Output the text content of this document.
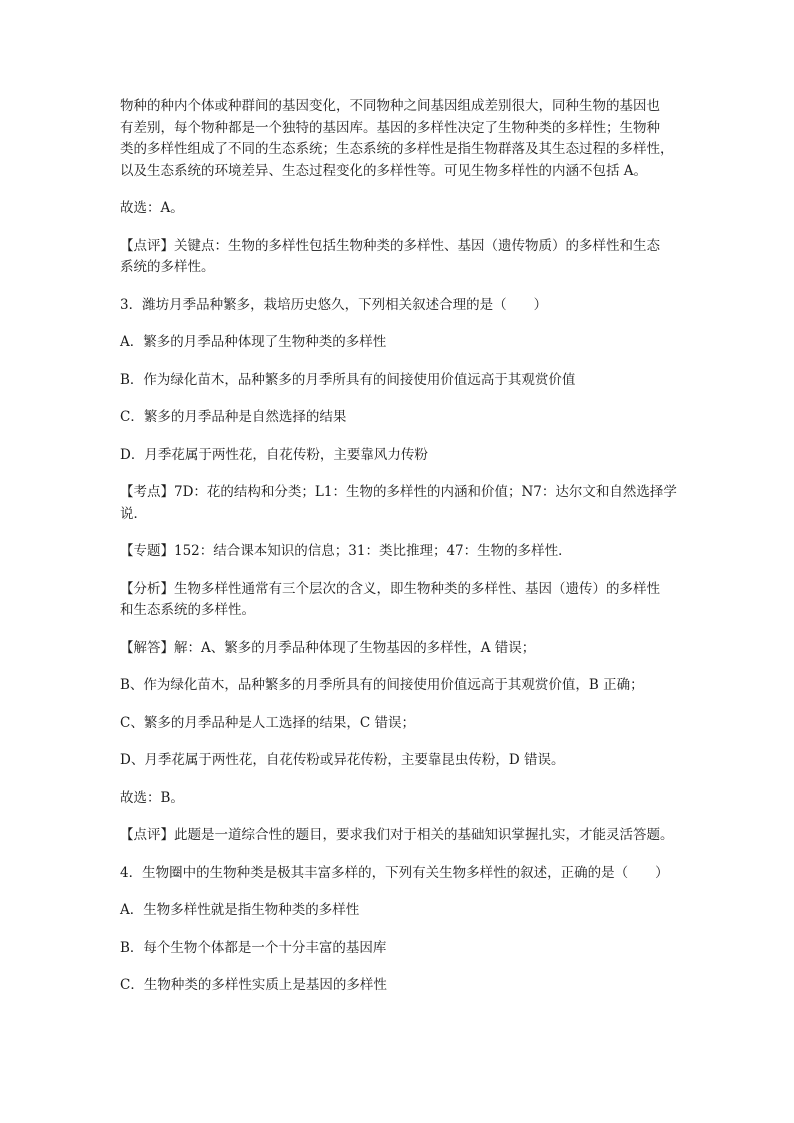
物种的种内个体或种群间的基因变化，不同物种之间基因组成差别很大，同种生物的基因也
有差别，每个物种都是一个独特的基因库。基因的多样性决定了生物种类的多样性；生物种
类的多样性组成了不同的生态系统；生态系统的多样性是指生物群落及其生态过程的多样性，
以及生态系统的环境差异、生态过程变化的多样性等。可见生物多样性的内涵不包括 A。

故选：A。

【点评】关键点：生物的多样性包括生物种类的多样性、基因（遗传物质）的多样性和生态
系统的多样性。

3．潍坊月季品种繁多，栽培历史悠久，下列相关叙述合理的是（　　）

A．繁多的月季品种体现了生物种类的多样性

B．作为绿化苗木，品种繁多的月季所具有的间接使用价值远高于其观赏价值

C．繁多的月季品种是自然选择的结果

D．月季花属于两性花，自花传粉，主要靠风力传粉

【考点】7D：花的结构和分类；L1：生物的多样性的内涵和价值；N7：达尔文和自然选择学
说．

【专题】152：结合课本知识的信息；31：类比推理；47：生物的多样性．

【分析】生物多样性通常有三个层次的含义，即生物种类的多样性、基因（遗传）的多样性
和生态系统的多样性。

【解答】解：A、繁多的月季品种体现了生物基因的多样性，A 错误；

B、作为绿化苗木，品种繁多的月季所具有的间接使用价值远高于其观赏价值，B 正确；

C、繁多的月季品种是人工选择的结果，C 错误；

D、月季花属于两性花，自花传粉或异花传粉，主要靠昆虫传粉，D 错误。

故选：B。

【点评】此题是一道综合性的题目，要求我们对于相关的基础知识掌握扎实，才能灵活答题。

4．生物圈中的生物种类是极其丰富多样的，下列有关生物多样性的叙述，正确的是（　　）

A．生物多样性就是指生物种类的多样性

B．每个生物个体都是一个十分丰富的基因库

C．生物种类的多样性实质上是基因的多样性
